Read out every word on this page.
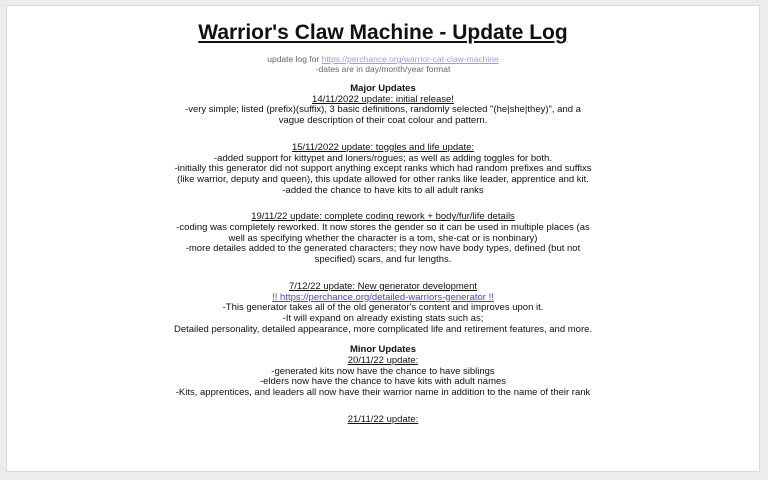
Warrior's Claw Machine - Update Log
update log for https://perchance.org/warrior-cat-claw-machine
-dates are in day/month/year format
Major Updates
14/11/2022 update: initial release!
-very simple; listed (prefix)(suffix), 3 basic definitions, randomly selected "(he|she|they)", and a vague description of their coat colour and pattern.
15/11/2022 update: toggles and life update:
-added support for kittypet and loners/rogues; as well as adding toggles for both.
-initially this generator did not support anything except ranks which had random prefixes and suffixs (like warrior, deputy and queen), this update allowed for other ranks like leader, apprentice and kit.
-added the chance to have kits to all adult ranks
19/11/22 update: complete coding rework + body/fur/life details
-coding was completely reworked. It now stores the gender so it can be used in multiple places (as well as specifying whether the character is a tom, she-cat or is nonbinary)
-more detailes added to the generated characters; they now have body types, defined (but not specified) scars, and fur lengths.
7/12/22 update: New generator development
!! https://perchance.org/detailed-warriors-generator !!
-This generator takes all of the old generator's content and improves upon it.
-It will expand on already existing stats such as;
Detailed personality, detailed appearance, more complicated life and retirement features, and more.
Minor Updates
20/11/22 update:
-generated kits now have the chance to have siblings
-elders now have the chance to have kits with adult names
-Kits, apprentices, and leaders all now have their warrior name in addition to the name of their rank
21/11/22 update:
